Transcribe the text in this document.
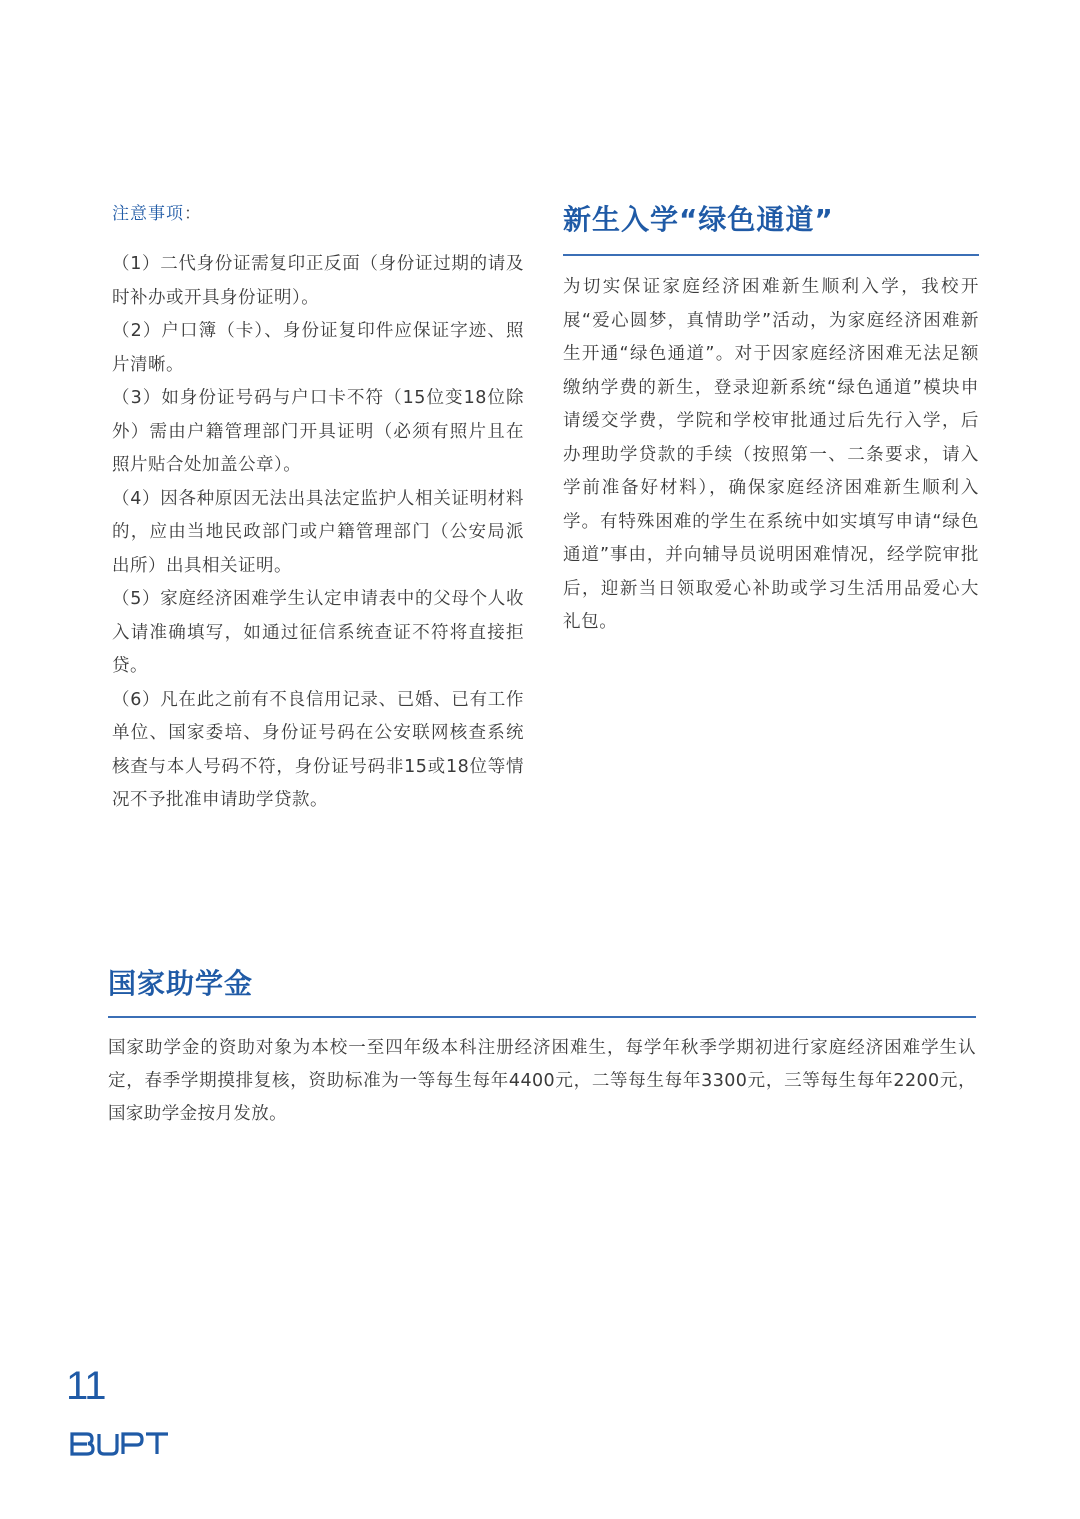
注意事项：

（1）二代身份证需复印正反面（身份证过期的请及时补办或开具身份证明）。

（2）户口簿（卡）、身份证复印件应保证字迹、照片清晰。

（3）如身份证号码与户口卡不符（15位变18位除外）需由户籍管理部门开具证明（必须有照片且在照片贴合处加盖公章）。

（4）因各种原因无法出具法定监护人相关证明材料的，应由当地民政部门或户籍管理部门（公安局派出所）出具相关证明。

（5）家庭经济困难学生认定申请表中的父母个人收入请准确填写，如通过征信系统查证不符将直接拒贷。

（6）凡在此之前有不良信用记录、已婚、已有工作单位、国家委培、身份证号码在公安联网核查系统核查与本人号码不符，身份证号码非15或18位等情况不予批准申请助学贷款。

新生入学“绿色通道”

为切实保证家庭经济困难新生顺利入学，我校开展“爱心圆梦，真情助学”活动，为家庭经济困难新生开通“绿色通道”。对于因家庭经济困难无法足额缴纳学费的新生，登录迎新系统“绿色通道”模块申请缓交学费，学院和学校审批通过后先行入学，后办理助学贷款的手续（按照第一、二条要求，请入学前准备好材料），确保家庭经济困难新生顺利入学。有特殊困难的学生在系统中如实填写申请“绿色通道”事由，并向辅导员说明困难情况，经学院审批后，迎新当日领取爱心补助或学习生活用品爱心大礼包。

国家助学金

国家助学金的资助对象为本校一至四年级本科注册经济困难生，每学年秋季学期初进行家庭经济困难学生认定，春季学期摸排复核，资助标准为一等每生每年4400元，二等每生每年3300元，三等每生每年2200元，国家助学金按月发放。

11
